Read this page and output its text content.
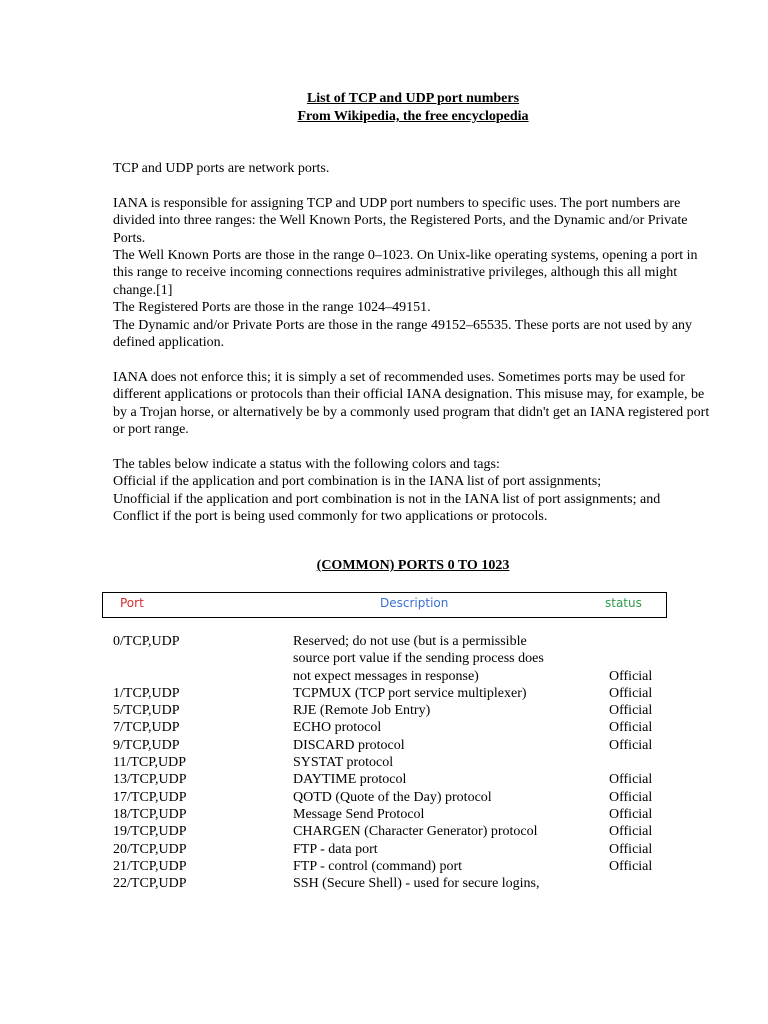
List of TCP and UDP port numbers
From Wikipedia, the free encyclopedia

TCP and UDP ports are network ports.

IANA is responsible for assigning TCP and UDP port numbers to specific uses. The port numbers are divided into three ranges: the Well Known Ports, the Registered Ports, and the Dynamic and/or Private Ports.

The Well Known Ports are those in the range 0–1023. On Unix-like operating systems, opening a port in this range to receive incoming connections requires administrative privileges, although this all might change.[1]

The Registered Ports are those in the range 1024–49151.

The Dynamic and/or Private Ports are those in the range 49152–65535. These ports are not used by any defined application.

IANA does not enforce this; it is simply a set of recommended uses. Sometimes ports may be used for different applications or protocols than their official IANA designation. This misuse may, for example, be by a Trojan horse, or alternatively be by a commonly used program that didn't get an IANA registered port or port range.

The tables below indicate a status with the following colors and tags:

Official if the application and port combination is in the IANA list of port assignments;

Unofficial if the application and port combination is not in the IANA list of port assignments; and

Conflict if the port is being used commonly for two applications or protocols.

(COMMON) PORTS 0 TO 1023
Port	Description	status
0/TCP,UDP	Reserved; do not use (but is a permissible
source port value if the sending process does
not expect messages in response)	Official
1/TCP,UDP	TCPMUX (TCP port service multiplexer)	Official
5/TCP,UDP	RJE (Remote Job Entry)	Official
7/TCP,UDP	ECHO protocol	Official
9/TCP,UDP	DISCARD protocol	Official
11/TCP,UDP	SYSTAT protocol
13/TCP,UDP	DAYTIME protocol	Official
17/TCP,UDP	QOTD (Quote of the Day) protocol	Official
18/TCP,UDP	Message Send Protocol	Official
19/TCP,UDP	CHARGEN (Character Generator) protocol	Official
20/TCP,UDP	FTP - data port	Official
21/TCP,UDP	FTP - control (command) port	Official
22/TCP,UDP	SSH (Secure Shell) - used for secure logins,
